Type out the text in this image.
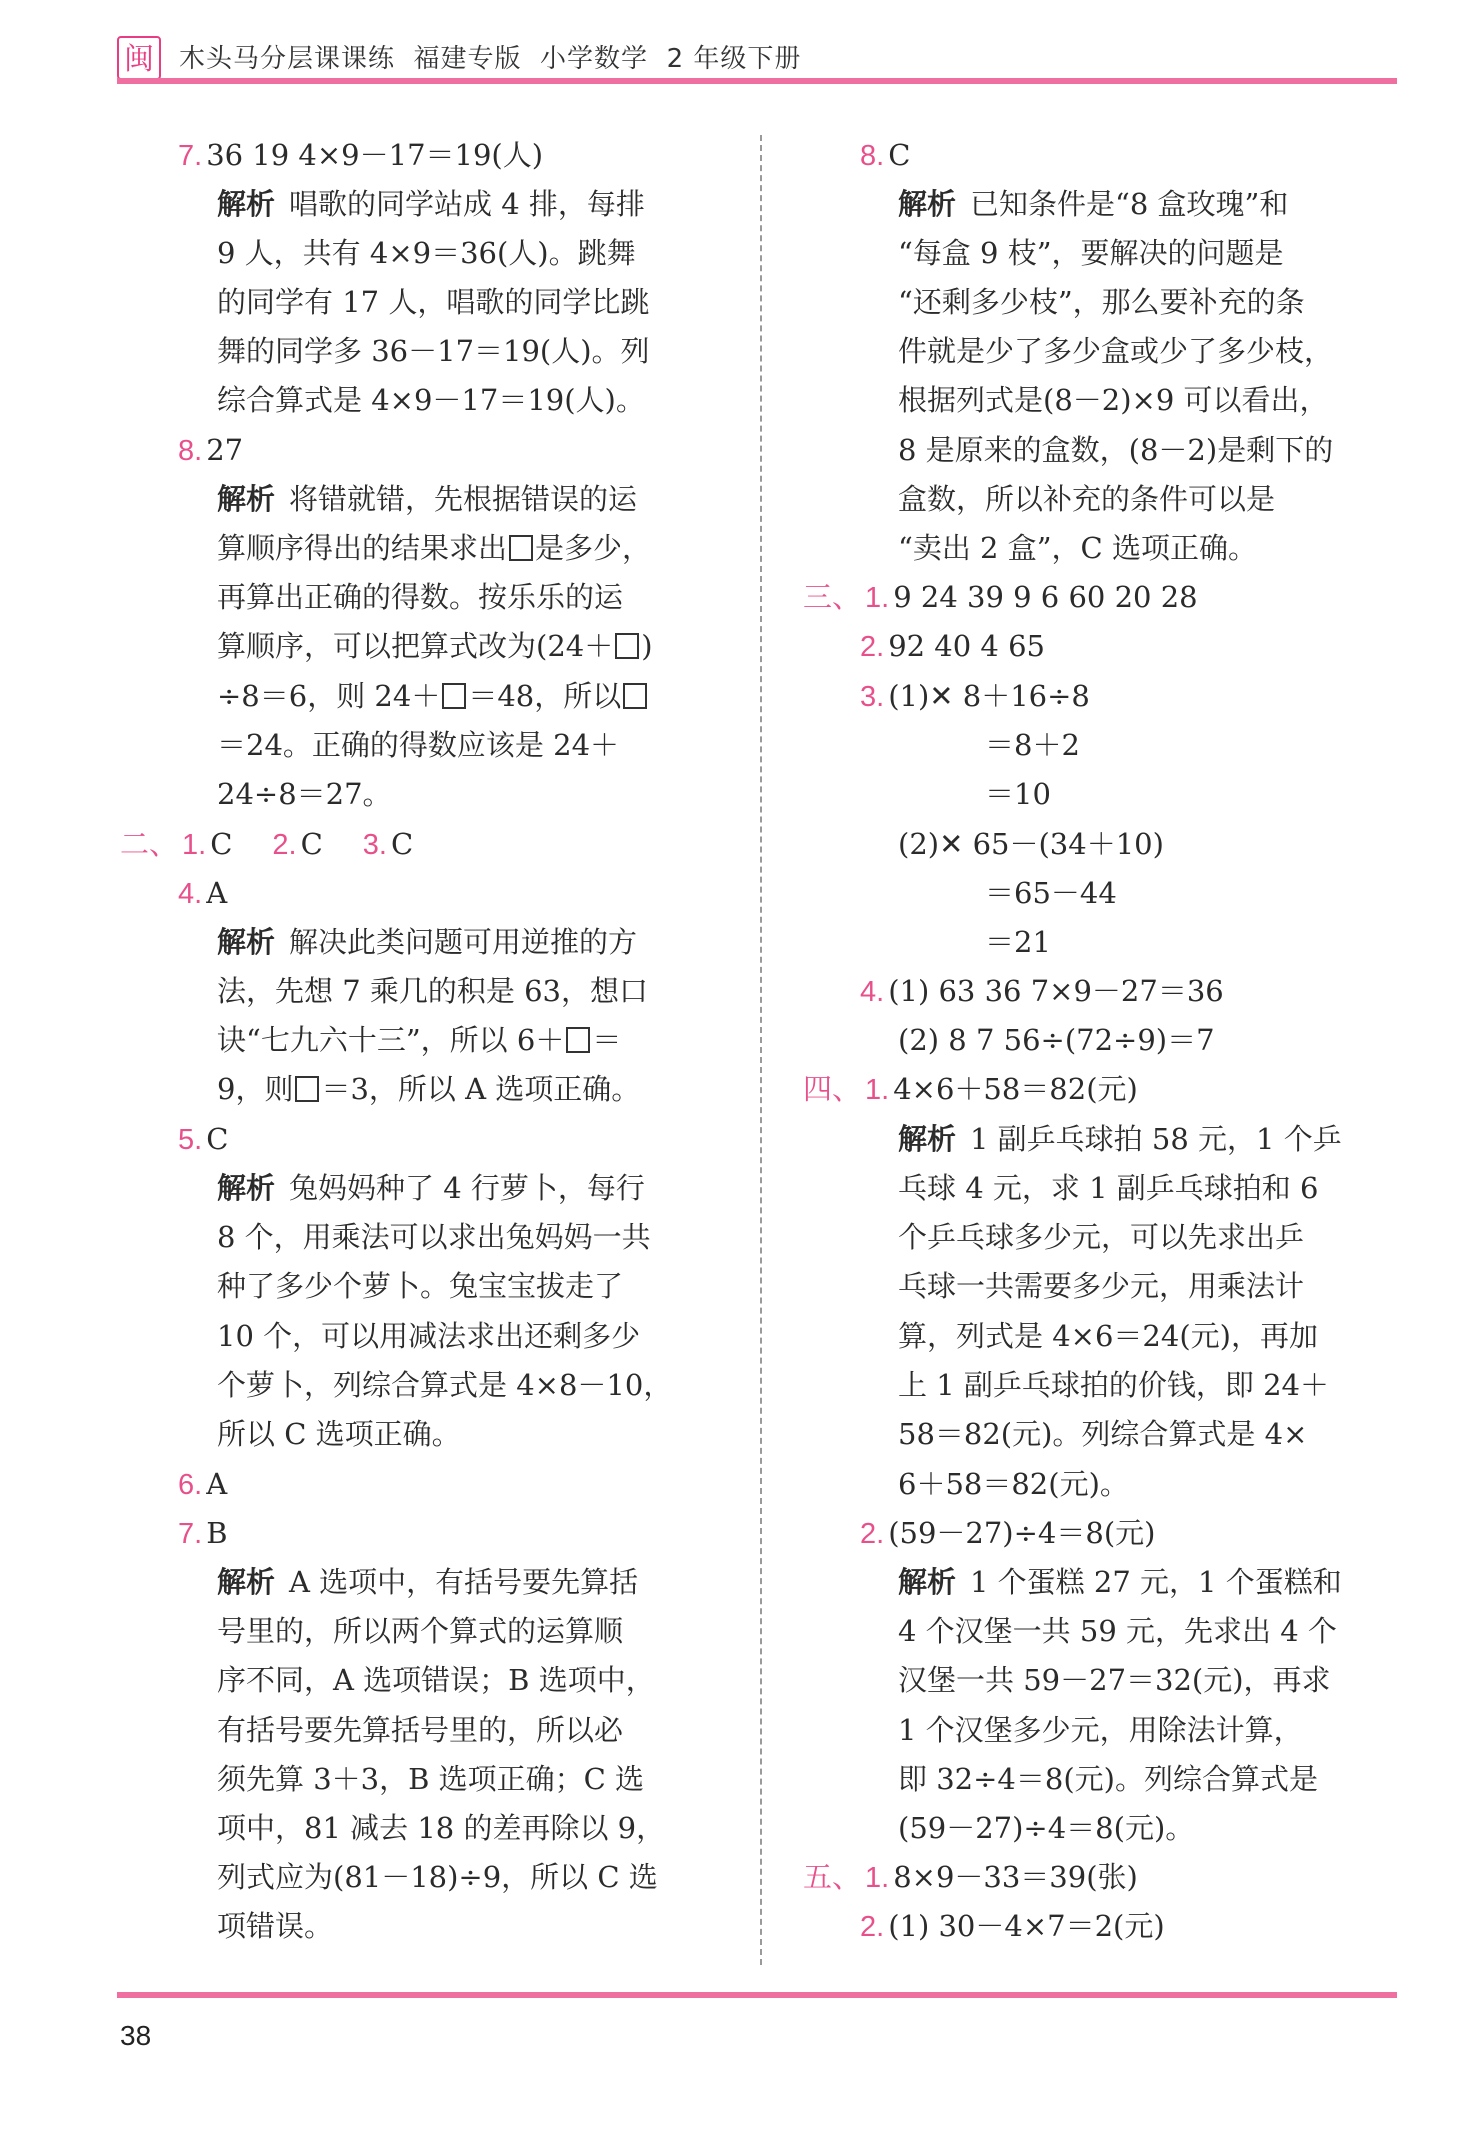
闽 木头马分层课课练  福建专版  小学数学  2 年级下册
7. 36 19 4×9－17＝19(人)
解析 唱歌的同学站成 4 排，每排
9 人，共有 4×9＝36(人)。跳舞
的同学有 17 人，唱歌的同学比跳
舞的同学多 36－17＝19(人)。列
综合算式是 4×9－17＝19(人)。
8. 27
解析 将错就错，先根据错误的运
算顺序得出的结果求出 是多少，
再算出正确的得数。按乐乐的运
算顺序，可以把算式改为(24＋ )
÷8＝6，则 24＋ ＝48，所以
＝24。正确的得数应该是 24＋
24÷8＝27。
二、 1. C 2. C 3. C
4. A
解析 解决此类问题可用逆推的方
法，先想 7 乘几的积是 63，想口
诀“七九六十三”，所以 6＋ ＝
9，则 ＝3，所以 A 选项正确。
5. C
解析 兔妈妈种了 4 行萝卜，每行
8 个，用乘法可以求出兔妈妈一共
种了多少个萝卜。兔宝宝拔走了
10 个，可以用减法求出还剩多少
个萝卜，列综合算式是 4×8－10，
所以 C 选项正确。
6. A
7. B
解析 A 选项中，有括号要先算括
号里的，所以两个算式的运算顺
序不同，A 选项错误；B 选项中，
有括号要先算括号里的，所以必
须先算 3＋3，B 选项正确；C 选
项中，81 减去 18 的差再除以 9，
列式应为(81－18)÷9，所以 C 选
项错误。
8. C
解析 已知条件是“8 盒玫瑰”和
“每盒 9 枝”，要解决的问题是
“还剩多少枝”，那么要补充的条
件就是少了多少盒或少了多少枝，
根据列式是(8－2)×9 可以看出，
8 是原来的盒数，(8－2)是剩下的
盒数，所以补充的条件可以是
“卖出 2 盒”，C 选项正确。
三、 1. 9 24 39 9 6 60 20 28
2. 92 40 4 65
3. (1)✕ 8＋16÷8
＝8＋2
＝10
(2)✕ 65－(34＋10)
＝65－44
＝21
4. (1) 63 36 7×9－27＝36
(2) 8 7 56÷(72÷9)＝7
四、 1. 4×6＋58＝82(元)
解析 1 副乒乓球拍 58 元，1 个乒
乓球 4 元，求 1 副乒乓球拍和 6
个乒乓球多少元，可以先求出乒
乓球一共需要多少元，用乘法计
算，列式是 4×6＝24(元)，再加
上 1 副乒乓球拍的价钱，即 24＋
58＝82(元)。列综合算式是 4×
6＋58＝82(元)。
2. (59－27)÷4＝8(元)
解析 1 个蛋糕 27 元，1 个蛋糕和
4 个汉堡一共 59 元，先求出 4 个
汉堡一共 59－27＝32(元)，再求
1 个汉堡多少元，用除法计算，
即 32÷4＝8(元)。列综合算式是
(59－27)÷4＝8(元)。
五、 1. 8×9－33＝39(张)
2. (1) 30－4×7＝2(元)
38
